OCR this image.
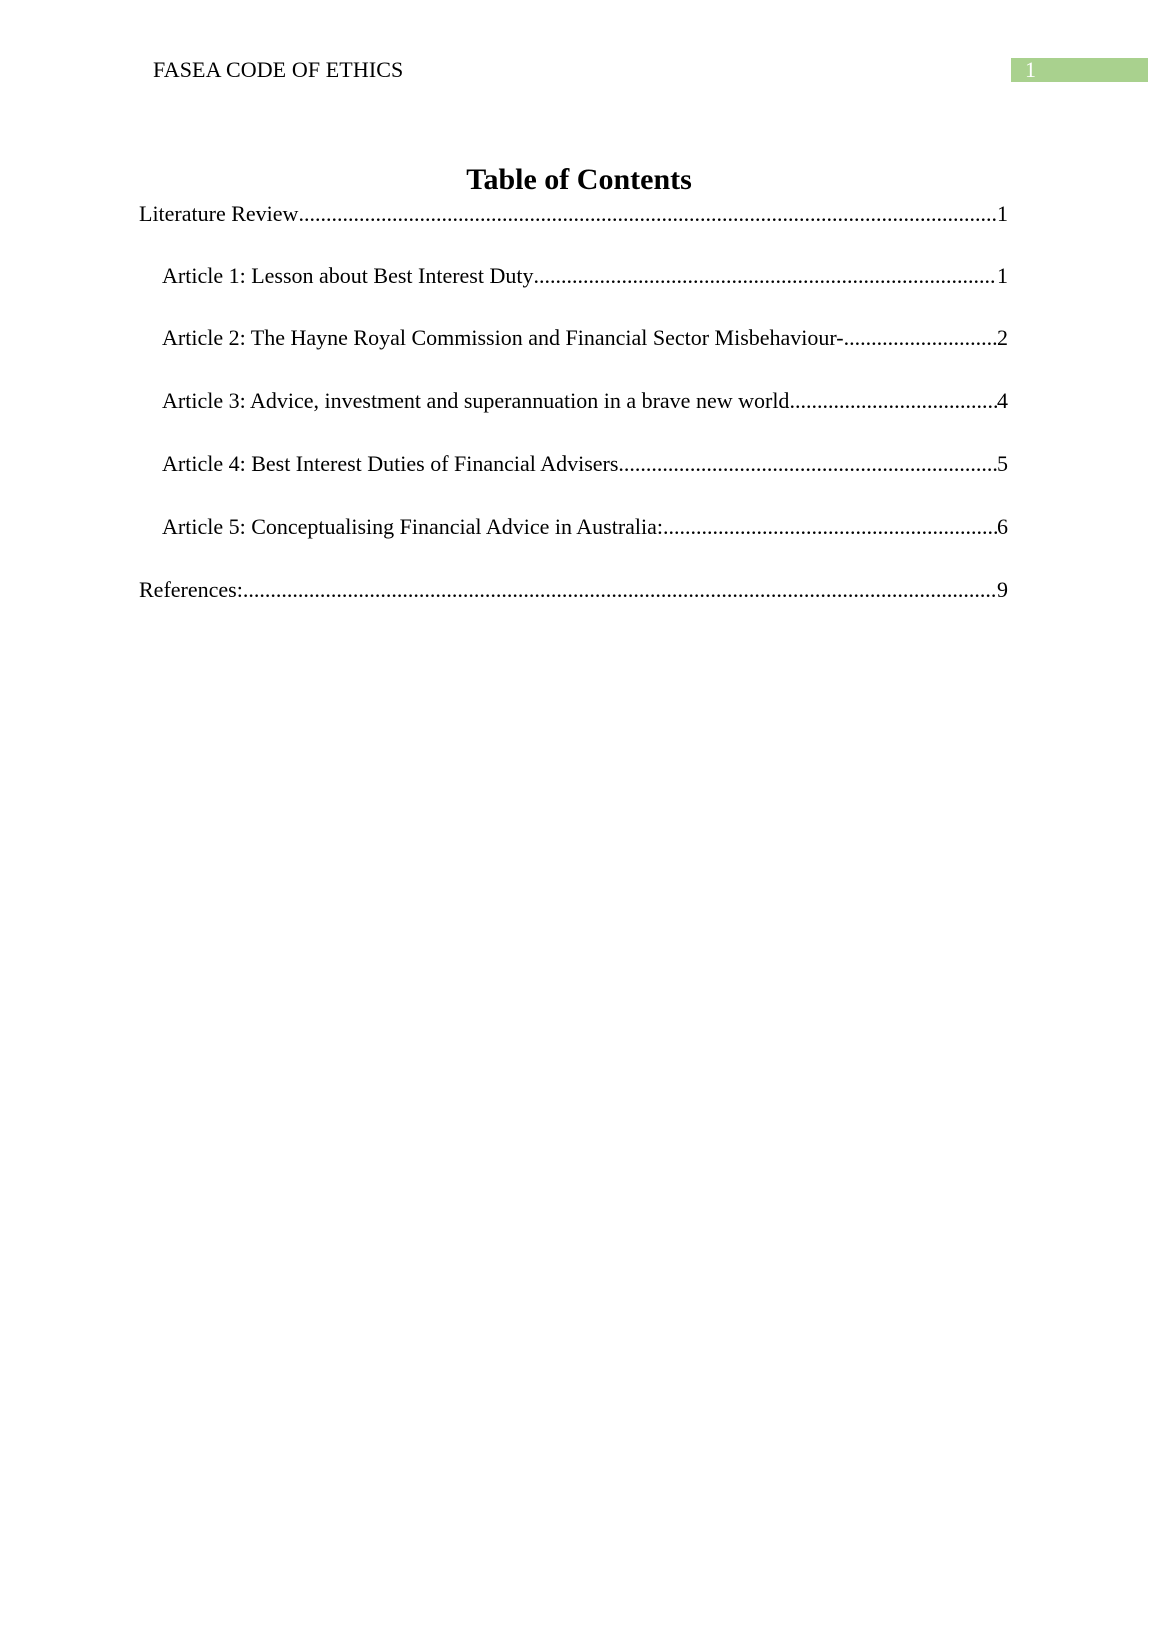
FASEA CODE OF ETHICS	1
Table of Contents
Literature Review .....	1
Article 1: Lesson about Best Interest Duty .....	1
Article 2: The Hayne Royal Commission and Financial Sector Misbehaviour- .....	2
Article 3: Advice, investment and superannuation in a brave new world .....	4
Article 4: Best Interest Duties of Financial Advisers .....	5
Article 5: Conceptualising Financial Advice in Australia: .....	6
References: .....	9
